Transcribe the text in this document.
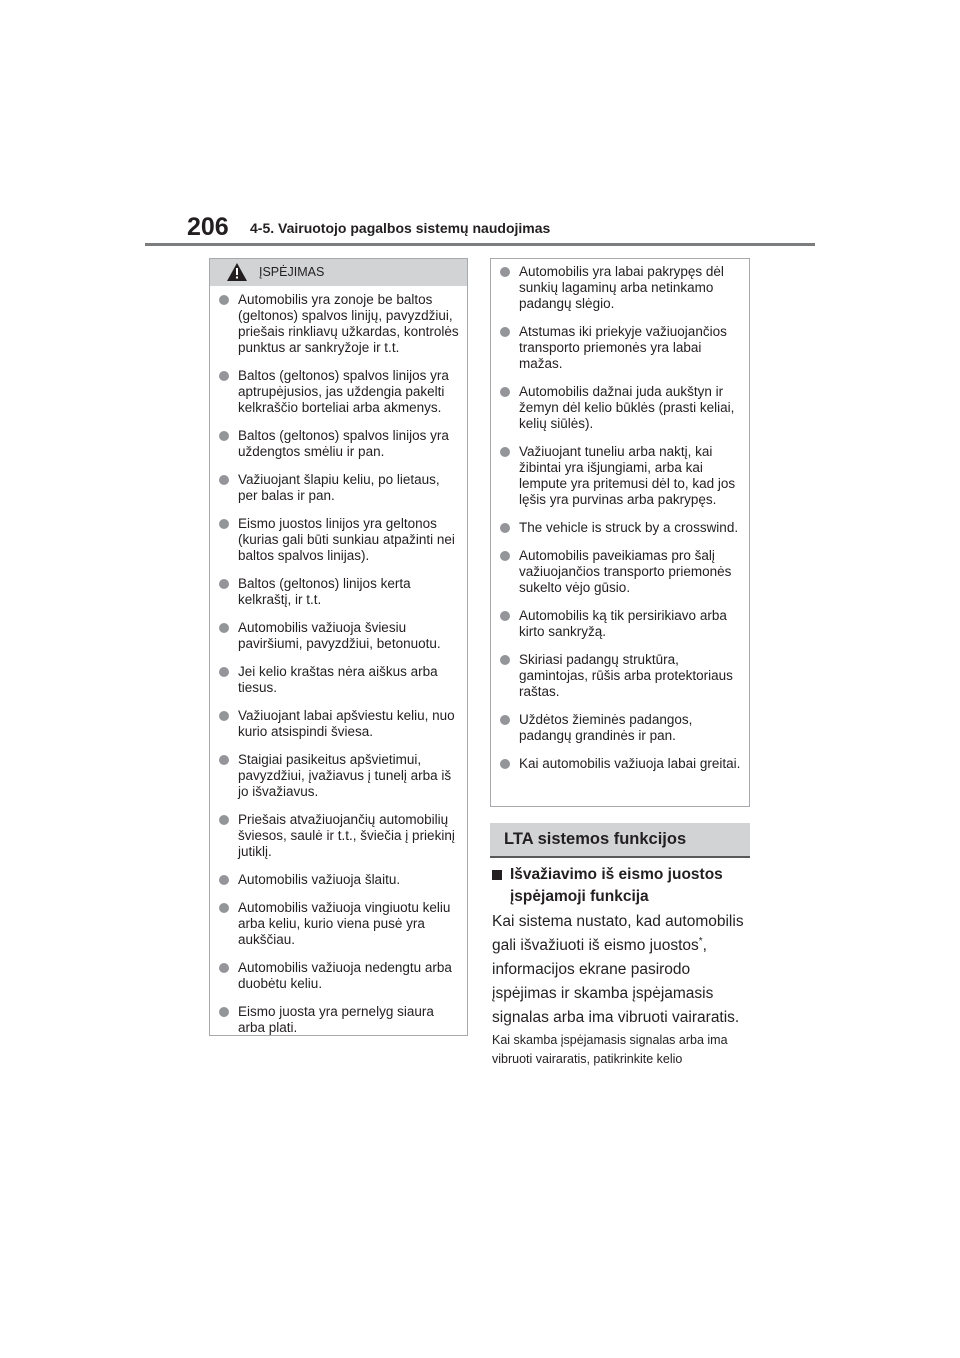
206 4-5. Vairuotojo pagalbos sistemų naudojimas
ĮSPĖJIMAS
Automobilis yra zonoje be baltos (geltonos) spalvos linijų, pavyzdžiui, priešais rinkliavų užkardas, kontrolės punktus ar sankryžoje ir t.t.
Baltos (geltonos) spalvos linijos yra aptrupėjusios, jas uždengia pakelti kelkraščio borteliai arba akmenys.
Baltos (geltonos) spalvos linijos yra uždengtos smėliu ir pan.
Važiuojant šlapiu keliu, po lietaus, per balas ir pan.
Eismo juostos linijos yra geltonos (kurias gali būti sunkiau atpažinti nei baltos spalvos linijas).
Baltos (geltonos) linijos kerta kelkraštį, ir t.t.
Automobilis važiuoja šviesiu paviršiumi, pavyzdžiui, betonuotu.
Jei kelio kraštas nėra aiškus arba tiesus.
Važiuojant labai apšviestu keliu, nuo kurio atsispindi šviesa.
Staigiai pasikeitus apšvietimui, pavyzdžiui, įvažiavus į tunelį arba iš jo išvažiavus.
Priešais atvažiuojančių automobilių šviesos, saulė ir t.t., šviečia į priekinį jutiklį.
Automobilis važiuoja šlaitu.
Automobilis važiuoja vingiuotu keliu arba keliu, kurio viena pusė yra aukščiau.
Automobilis važiuoja nedengtu arba duobėtu keliu.
Eismo juosta yra pernelyg siaura arba plati.
Automobilis yra labai pakrypęs dėl sunkių lagaminų arba netinkamo padangų slėgio.
Atstumas iki priekyje važiuojančios transporto priemonės yra labai mažas.
Automobilis dažnai juda aukštyn ir žemyn dėl kelio būklės (prasti keliai, kelių siūlės).
Važiuojant tuneliu arba naktį, kai žibintai yra išjungiami, arba kai lempute yra pritemusi dėl to, kad jos lęšis yra purvinas arba pakrypęs.
The vehicle is struck by a crosswind.
Automobilis paveikiamas pro šalį važiuojančios transporto priemonės sukelto vėjo gūsio.
Automobilis ką tik persirikiavo arba kirto sankryžą.
Skiriasi padangų struktūra, gamintojas, rūšis arba protektoriaus raštas.
Uždėtos žieminės padangos, padangų grandinės ir pan.
Kai automobilis važiuoja labai greitai.
LTA sistemos funkcijos
Išvažiavimo iš eismo juostos įspėjamoji funkcija
Kai sistema nustato, kad automobilis gali išvažiuoti iš eismo juostos*, informacijos ekrane pasirodo įspėjimas ir skamba įspėjamasis signalas arba ima vibruoti vairaratis.
Kai skamba įspėjamasis signalas arba ima vibruoti vairaratis, patikrinkite kelio
